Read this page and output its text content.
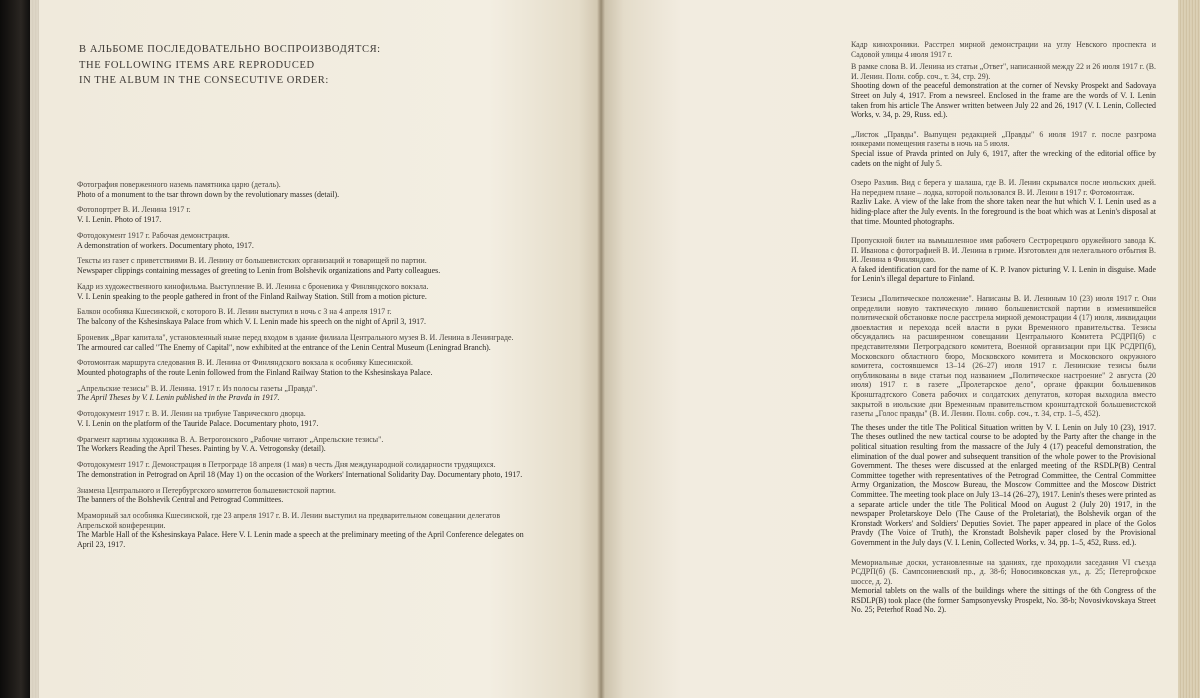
В АЛЬБОМЕ ПОСЛЕДОВАТЕЛЬНО ВОСПРОИЗВОДЯТСЯ:
THE FOLLOWING ITEMS ARE REPRODUCED
IN THE ALBUM IN THE CONSECUTIVE ORDER:
Фотография поверженного наземь памятника царю (деталь).
Photo of a monument to the tsar thrown down by the revolutionary masses (detail).
Фотопортрет В. И. Ленина 1917 г.
V. I. Lenin. Photo of 1917.
Фотодокумент 1917 г. Рабочая демонстрация.
A demonstration of workers. Documentary photo, 1917.
Тексты из газет с приветствиями В. И. Ленину от большевистских организаций и товарищей по партии.
Newspaper clippings containing messages of greeting to Lenin from Bolshevik organizations and Party colleagues.
Кадр из художественного кинофильма. Выступление В. И. Ленина с броневика у Финляндского вокзала.
V. I. Lenin speaking to the people gathered in front of the Finland Railway Station. Still from a motion picture.
Балкон особняка Кшесинской, с которого В. И. Ленин выступил в ночь с 3 на 4 апреля 1917 г.
The balcony of the Kshesinskaya Palace from which V. I. Lenin made his speech on the night of April 3, 1917.
Броневик „Враг капитала", установленный ныне перед входом в здание филиала Центрального музея В. И. Ленина в Ленинграде.
The armoured car called "The Enemy of Capital", now exhibited at the entrance of the Lenin Central Museum (Leningrad Branch).
Фотомонтаж маршрута следования В. И. Ленина от Финляндского вокзала к особняку Кшесинской.
Mounted photographs of the route Lenin followed from the Finland Railway Station to the Kshesinskaya Palace.
„Апрельские тезисы" В. И. Ленина. 1917 г. Из полосы газеты „Правда".
The April Theses by V. I. Lenin published in the Pravda in 1917.
Фотодокумент 1917 г. В. И. Ленин на трибуне Таврического дворца.
V. I. Lenin on the platform of the Tauride Palace. Documentary photo, 1917.
Фрагмент картины художника В. А. Ветрогонского „Рабочие читают „Апрельские тезисы".
The Workers Reading the April Theses. Painting by V. A. Vetrogonsky (detail).
Фотодокумент 1917 г. Демонстрация в Петрограде 18 апреля (1 мая) в честь Дня международной солидарности трудящихся.
The demonstration in Petrograd on April 18 (May 1) on the occasion of the Workers' International Solidarity Day. Documentary photo, 1917.
Знамена Центрального и Петербургского комитетов большевистской партии.
The banners of the Bolshevik Central and Petrograd Committees.
Мраморный зал особняка Кшесинской, где 23 апреля 1917 г. В. И. Ленин выступил на предварительном совещании делегатов Апрельской конференции.
The Marble Hall of the Kshesinskaya Palace. Here V. I. Lenin made a speech at the preliminary meeting of the April Conference delegates on April 23, 1917.
Кадр кинохроники. Расстрел мирной демонстрации на углу Невского проспекта и Садовой улицы 4 июля 1917 г.
В рамке слова В. И. Ленина из статьи „Ответ", написанной между 22 и 26 июля 1917 г. (В. И. Ленин. Полн. собр. соч., т. 34, стр. 29).
Shooting down of the peaceful demonstration at the corner of Nevsky Prospekt and Sadovaya Street on July 4, 1917. From a newsreel. Enclosed in the frame are the words of V. I. Lenin taken from his article The Answer written between July 22 and 26, 1917 (V. I. Lenin, Collected Works, v. 34, p. 29, Russ. ed.).
„Листок „Правды". Выпущен редакцией „Правды" 6 июля 1917 г. после разгрома юнкерами помещения газеты в ночь на 5 июля.
Special issue of Pravda printed on July 6, 1917, after the wrecking of the editorial office by cadets on the night of July 5.
Озеро Разлив. Вид с берега у шалаша, где В. И. Ленин скрывался после июльских дней. На переднем плане – лодка, которой пользовался В. И. Ленин в 1917 г. Фотомонтаж.
Razliv Lake. A view of the lake from the shore taken near the hut which V. I. Lenin used as a hiding-place after the July events. In the foreground is the boat which was at Lenin's disposal at that time. Mounted photographs.
Пропускной билет на вымышленное имя рабочего Сестрорецкого оружейного завода К. П. Иванова с фотографией В. И. Ленина в гриме. Изготовлен для нелегального отбытия В. И. Ленина в Финляндию.
A faked identification card for the name of K. P. Ivanov picturing V. I. Lenin in disguise. Made for Lenin's illegal departure to Finland.
Тезисы „Политическое положение". Написаны В. И. Лениным 10 (23) июля 1917 г. Они определили новую тактическую линию большевистской партии в изменившейся политической обстановке после расстрела мирной демонстрации 4 (17) июля, ликвидации двоевластия и перехода всей власти в руки Временного правительства. Тезисы обсуждались на расширенном совещании Центрального Комитета РСДРП(б) с представителями Петроградского комитета, Военной организации при ЦК РСДРП(б), Московского областного бюро, Московского комитета и Московского окружного комитета, состоявшемся 13–14 (26–27) июля 1917 г. Ленинские тезисы были опубликованы в виде статьи под названием „Политическое настроение" 2 августа (20 июля) 1917 г. в газете „Пролетарское дело", органе фракции большевиков Кронштадтского Совета рабочих и солдатских депутатов, которая выходила вместо закрытой в июльские дни Временным правительством кронштадтской большевистской газеты „Голос правды" (В. И. Ленин. Полн. собр. соч., т. 34, стр. 1–5, 452).
The theses under the title The Political Situation written by V. I. Lenin on July 10 (23), 1917. The theses outlined the new tactical course to be adopted by the Party after the change in the political situation resulting from the massacre of the July 4 (17) peaceful demonstration, the elimination of the dual power and subsequent transition of the whole power to the Provisional Government. The theses were discussed at the enlarged meeting of the RSDLP(B) Central Committee together with representatives of the Petrograd Committee, the Central Committee Army Organization, the Moscow Bureau, the Moscow Committee and the Moscow District Committee. The meeting took place on July 13–14 (26–27), 1917. Lenin's theses were printed as a separate article under the title The Political Mood on August 2 (July 20) 1917, in the newspaper Proletarskoye Delo (The Cause of the Proletariat), the Bolshevik organ of the Kronstadt Workers' and Soldiers' Deputies Soviet. The paper appeared in place of the Golos Pravdy (The Voice of Truth), the Kronstadt Bolshevik paper closed by the Provisional Government in the July days (V. I. Lenin, Collected Works, v. 34, pp. 1–5, 452, Russ. ed.).
Мемориальные доски, установленные на зданиях, где проходили заседания VI съезда РСДРП(б) (Б. Сампсониевский пр., д. 38-б; Новосивковская ул., д. 25; Петергофское шоссе, д. 2).
Memorial tablets on the walls of the buildings where the sittings of the 6th Congress of the RSDLP(B) took place (the former Sampsonyevsky Prospekt, No. 38-b; Novosivkovskaya Street No. 25; Peterhof Road No. 2).
